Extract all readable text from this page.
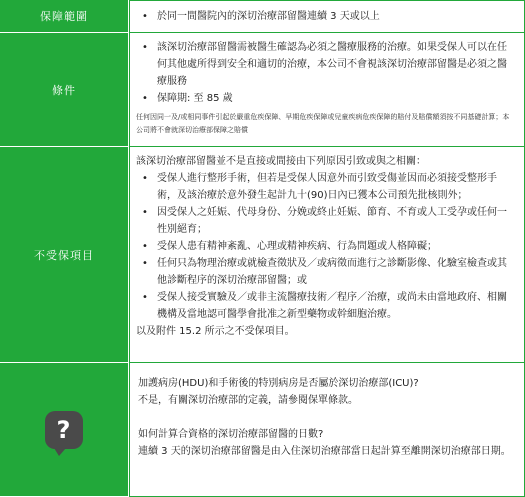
保障範圍
•	於同一間醫院內的深切治療部留醫連續 3 天或以上
條件
• 該深切治療部留醫需被醫生確認為必須之醫療服務的治療。如果受保人可以在任何其他處所得到安全和適切的治療，本公司不會視該深切治療部留醫是必須之醫療服務
• 保障期: 至 85 歲
任何因同一及/或相同事件引起於嚴重危疾保障、早期危疾保障或兒童疾病危疾保障的賠付及賠償額須按不同基礎計算；本公司將不會就深切治療部保障之賠償
不受保項目
該深切治療部留醫並不是直接或間接由下列原因引致或與之相關：
• 受保人進行整形手術，但若是受保人因意外而引致受傷並因而必須接受整形手術，及該治療於意外發生起計九十(90)日內已獲本公司預先批核則外；
• 因受保人之妊娠、代母身份、分娩或終止妊娠、節育、不育或人工受孕或任何一性別絕育；
• 受保人患有精神紊亂、心理或精神疾病、行為問題或人格障礙；
• 任何只為物理治療或就檢查徵狀及／或病徵而進行之診斷影像、化驗室檢查或其他診斷程序的深切治療部留醫；或
• 受保人接受實驗及／或非主流醫療技術／程序／治療，或尚未由當地政府、相關機構及當地認可醫學會批准之新型藥物或幹細胞治療。
以及附件 15.2 所示之不受保項目。
?

加護病房(HDU)和手術後的特別病房是否屬於深切治療部(ICU)?

不是，有關深切治療部的定義，請參閱保單條款。

如何計算合資格的深切治療部留醫的日數?

連續 3 天的深切治療部留醫是由入住深切治療部當日起計算至離開深切治療部日期。
